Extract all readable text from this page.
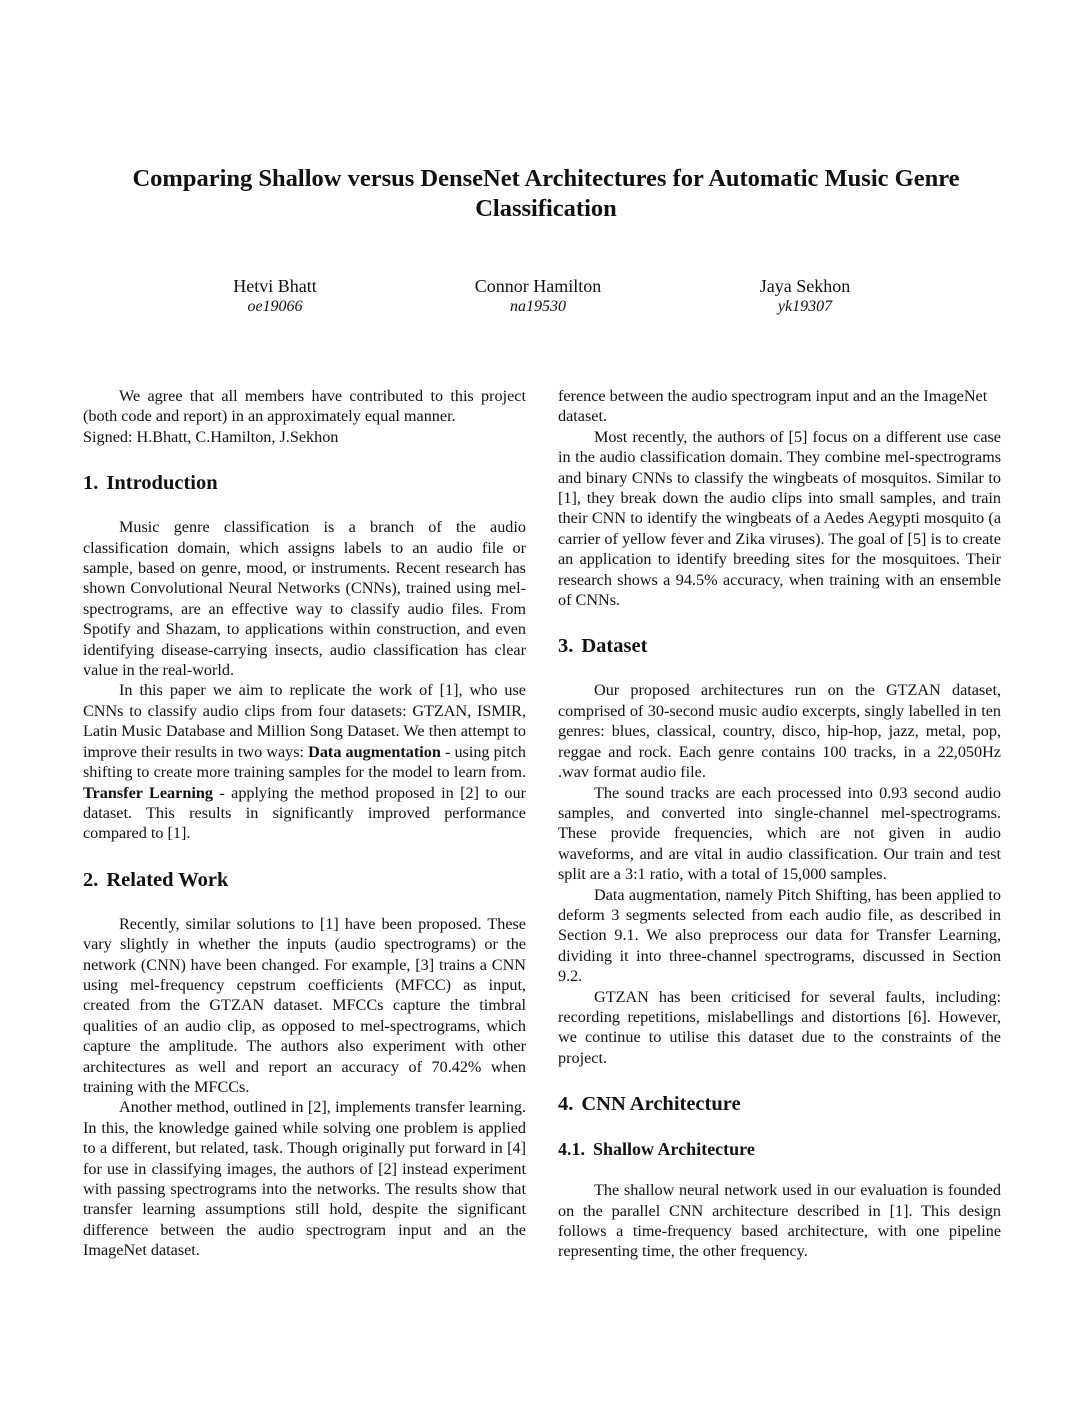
Comparing Shallow versus DenseNet Architectures for Automatic Music Genre Classification
Hetvi Bhatt
oe19066
Connor Hamilton
na19530
Jaya Sekhon
yk19307

We agree that all members have contributed to this project (both code and report) in an approximately equal manner.

Signed: H.Bhatt, C.Hamilton, J.Sekhon

1. Introduction

Music genre classification is a branch of the audio classification domain, which assigns labels to an audio file or sample, based on genre, mood, or instruments. Recent research has shown Convolutional Neural Networks (CNNs), trained using mel-spectrograms, are an effective way to classify audio files. From Spotify and Shazam, to applications within construction, and even identifying disease-carrying insects, audio classification has clear value in the real-world.

In this paper we aim to replicate the work of [1], who use CNNs to classify audio clips from four datasets: GTZAN, ISMIR, Latin Music Database and Million Song Dataset. We then attempt to improve their results in two ways: Data augmentation - using pitch shifting to create more training samples for the model to learn from. Transfer Learning - applying the method proposed in [2] to our dataset. This results in significantly improved performance compared to [1].

2. Related Work

Recently, similar solutions to [1] have been proposed. These vary slightly in whether the inputs (audio spectrograms) or the network (CNN) have been changed. For example, [3] trains a CNN using mel-frequency cepstrum coefficients (MFCC) as input, created from the GTZAN dataset. MFCCs capture the timbral qualities of an audio clip, as opposed to mel-spectrograms, which capture the amplitude. The authors also experiment with other architectures as well and report an accuracy of 70.42% when training with the MFCCs.

Another method, outlined in [2], implements transfer learning. In this, the knowledge gained while solving one problem is applied to a different, but related, task. Though originally put forward in [4] for use in classifying images, the authors of [2] instead experiment with passing spectrograms into the networks. The results show that transfer learning assumptions still hold, despite the significant difference between the audio spectrogram input and an the ImageNet dataset.

ference between the audio spectrogram input and an the ImageNet dataset.

Most recently, the authors of [5] focus on a different use case in the audio classification domain. They combine mel-spectrograms and binary CNNs to classify the wingbeats of mosquitos. Similar to [1], they break down the audio clips into small samples, and train their CNN to identify the wingbeats of a Aedes Aegypti mosquito (a carrier of yellow fever and Zika viruses). The goal of [5] is to create an application to identify breeding sites for the mosquitoes. Their research shows a 94.5% accuracy, when training with an ensemble of CNNs.

3. Dataset

Our proposed architectures run on the GTZAN dataset, comprised of 30-second music audio excerpts, singly labelled in ten genres: blues, classical, country, disco, hip-hop, jazz, metal, pop, reggae and rock. Each genre contains 100 tracks, in a 22,050Hz .wav format audio file.

The sound tracks are each processed into 0.93 second audio samples, and converted into single-channel mel-spectrograms. These provide frequencies, which are not given in audio waveforms, and are vital in audio classification. Our train and test split are a 3:1 ratio, with a total of 15,000 samples.

Data augmentation, namely Pitch Shifting, has been applied to deform 3 segments selected from each audio file, as described in Section 9.1. We also preprocess our data for Transfer Learning, dividing it into three-channel spectrograms, discussed in Section 9.2.

GTZAN has been criticised for several faults, including: recording repetitions, mislabellings and distortions [6]. However, we continue to utilise this dataset due to the constraints of the project.

4. CNN Architecture
4.1. Shallow Architecture

The shallow neural network used in our evaluation is founded on the parallel CNN architecture described in [1]. This design follows a time-frequency based architecture, with one pipeline representing time, the other frequency.
